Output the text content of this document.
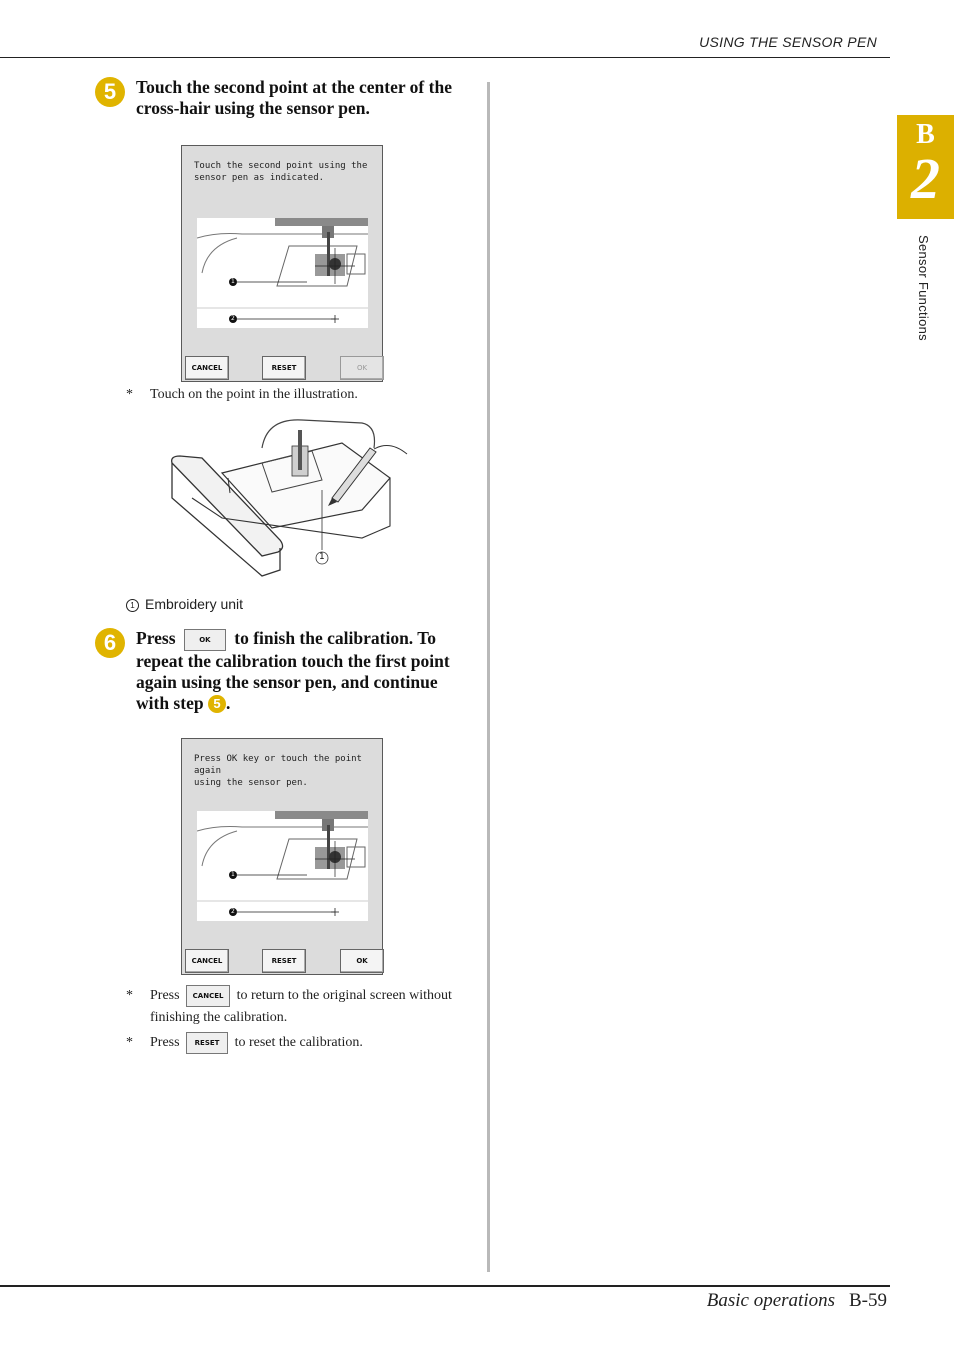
USING THE SENSOR PEN
B
2
Sensor Functions
5	Touch the second point at the center of the
cross-hair using the sensor pen.
Touch the second point using the
sensor pen as indicated.
1
2
CANCEL	RESET	OK
* Touch on the point in the illustration.
1
1 Embroidery unit
6	Press	OK to finish the calibration. To
repeat the calibration touch the first point
again using the sensor pen, and continue
with step 5 .
Press OK key or touch the point again
using the sensor pen.
1
2
CANCEL	RESET	OK
* Press CANCEL to return to the original screen without
finishing the calibration.
* Press RESET to reset the calibration.
Basic operations B-59
